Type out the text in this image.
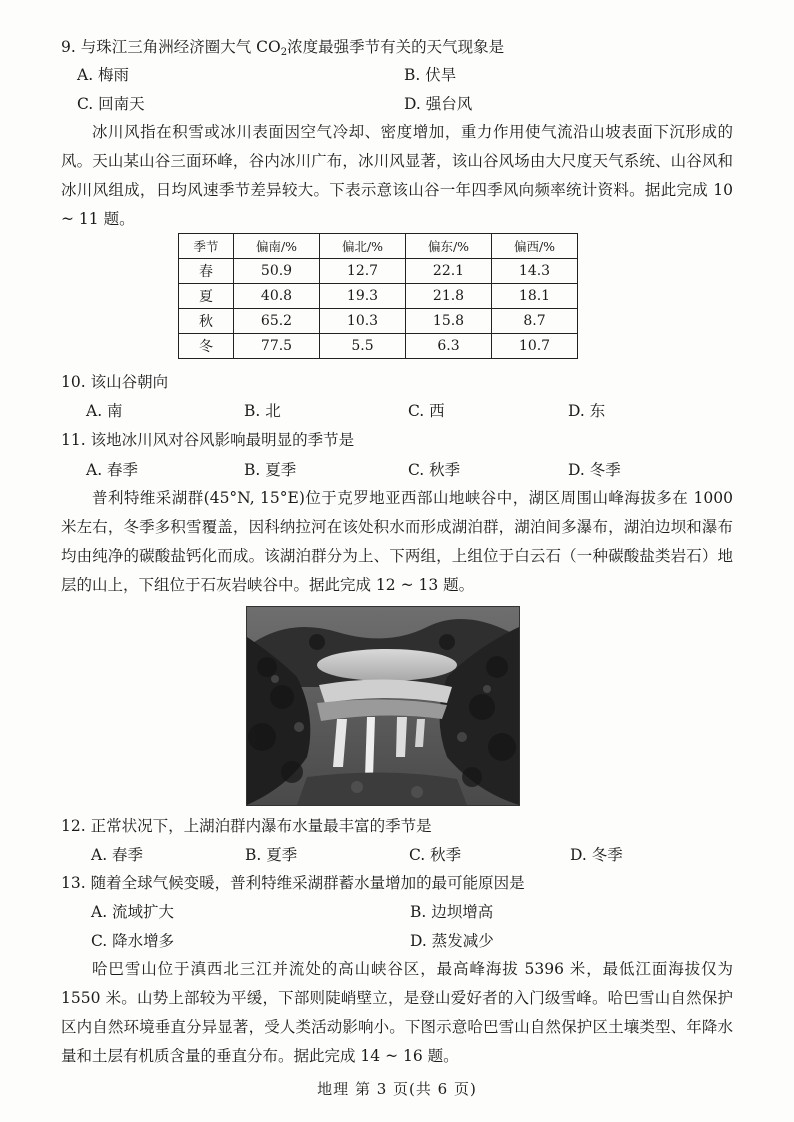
9. 与珠江三角洲经济圈大气 $CO_2$浓度最强季节有关的天气现象是
A. 梅雨	B. 伏旱
C. 回南天	D. 强台风
冰川风指在积雪或冰川表面因空气冷却、密度增加，重力作用使气流沿山坡表面下沉形成的风。天山某山谷三面环峰，谷内冰川广布，冰川风显著，该山谷风场由大尺度天气系统、山谷风和冰川风组成，日均风速季节差异较大。下表示意该山谷一年四季风向频率统计资料。据此完成 10 ~ 11 题。
季节	偏南/%	偏北/%	偏东/%	偏西/%
春	50.9	12.7	22.1	14.3
夏	40.8	19.3	21.8	18.1
秋	65.2	10.3	15.8	8.7
冬	77.5	5.5	6.3	10.7
10. 该山谷朝向
A. 南	B. 北	C. 西	D. 东
11. 该地冰川风对谷风影响最明显的季节是
A. 春季	B. 夏季	C. 秋季	D. 冬季
普利特维采湖群(45°N, 15°E)位于克罗地亚西部山地峡谷中，湖区周围山峰海拔多在 1000 米左右，冬季多积雪覆盖，因科纳拉河在该处积水而形成湖泊群，湖泊间多瀑布，湖泊边坝和瀑布均由纯净的碳酸盐钙化而成。该湖泊群分为上、下两组，上组位于白云石（一种碳酸盐类岩石）地层的山上，下组位于石灰岩峡谷中。据此完成 12 ~ 13 题。
12. 正常状况下，上湖泊群内瀑布水量最丰富的季节是
A. 春季	B. 夏季	C. 秋季	D. 冬季
13. 随着全球气候变暖，普利特维采湖群蓄水量增加的最可能原因是
A. 流域扩大	B. 边坝增高
C. 降水增多	D. 蒸发减少
哈巴雪山位于滇西北三江并流处的高山峡谷区，最高峰海拔 5396 米，最低江面海拔仅为1550 米。山势上部较为平缓，下部则陡峭壁立，是登山爱好者的入门级雪峰。哈巴雪山自然保护区内自然环境垂直分异显著，受人类活动影响小。下图示意哈巴雪山自然保护区土壤类型、年降水量和土层有机质含量的垂直分布。据此完成 14 ~ 16 题。
地理 第 3 页(共 6 页)
